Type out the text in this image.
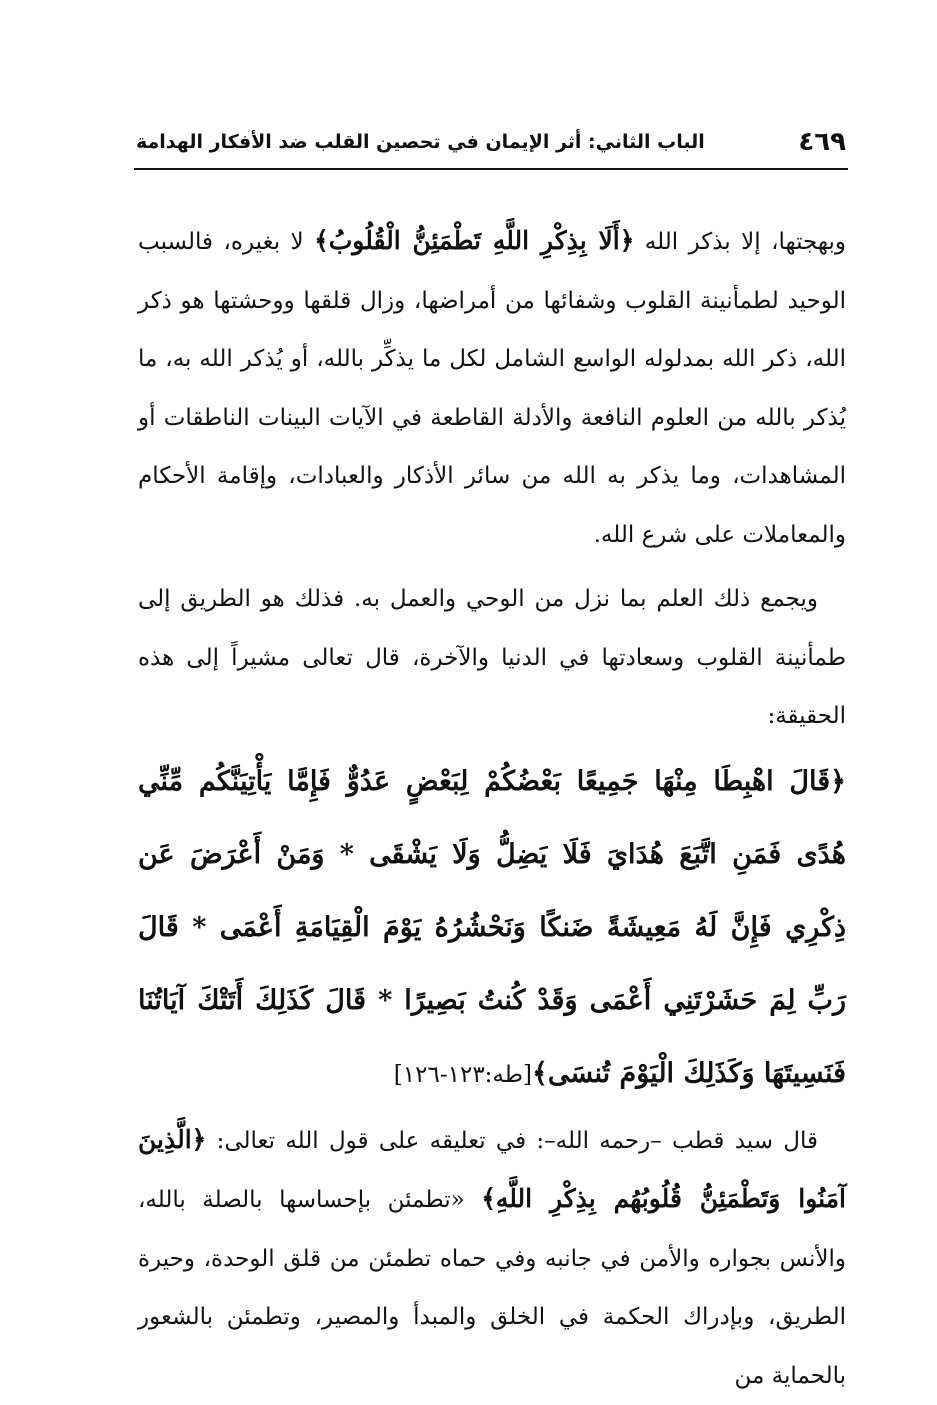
٤٦٩
الباب الثاني: أثر الإيمان في تحصين القلب ضد الأفكار الهدامة

وبهجتها، إلا بذكر الله ﴿أَلَا بِذِكْرِ اللَّهِ تَطْمَئِنُّ الْقُلُوبُ﴾ لا بغيره، فالسبب الوحيد لطمأنينة القلوب وشفائها من أمراضها، وزال قلقها ووحشتها هو ذكر الله، ذكر الله بمدلوله الواسع الشامل لكل ما يذكِّر بالله، أو يُذكر الله به، ما يُذكر بالله من العلوم النافعة والأدلة القاطعة في الآيات البينات الناطقات أو المشاهدات، وما يذكر به الله من سائر الأذكار والعبادات، وإقامة الأحكام والمعاملات على شرع الله.

ويجمع ذلك العلم بما نزل من الوحي والعمل به. فذلك هو الطريق إلى طمأنينة القلوب وسعادتها في الدنيا والآخرة، قال تعالى مشيراً إلى هذه الحقيقة:

﴿قَالَ اهْبِطَا مِنْهَا جَمِيعًا بَعْضُكُمْ لِبَعْضٍ عَدُوٌّ فَإِمَّا يَأْتِيَنَّكُم مِّنِّي هُدًى فَمَنِ اتَّبَعَ هُدَايَ فَلَا يَضِلُّ وَلَا يَشْقَى * وَمَنْ أَعْرَضَ عَن ذِكْرِي فَإِنَّ لَهُ مَعِيشَةً ضَنكًا وَنَحْشُرُهُ يَوْمَ الْقِيَامَةِ أَعْمَى * قَالَ رَبِّ لِمَ حَشَرْتَنِي أَعْمَى وَقَدْ كُنتُ بَصِيرًا * قَالَ كَذَلِكَ أَتَتْكَ آيَاتُنَا فَنَسِيتَهَا وَكَذَلِكَ الْيَوْمَ تُنسَى﴾[طه:١٢٣-١٢٦]

قال سيد قطب –رحمه الله–: في تعليقه على قول الله تعالى: ﴿الَّذِينَ آمَنُوا وَتَطْمَئِنُّ قُلُوبُهُم بِذِكْرِ اللَّهِ﴾ «تطمئن بإحساسها بالصلة بالله، والأنس بجواره والأمن في جانبه وفي حماه تطمئن من قلق الوحدة، وحيرة الطريق، وبإدراك الحكمة في الخلق والمبدأ والمصير، وتطمئن بالشعور بالحماية من
